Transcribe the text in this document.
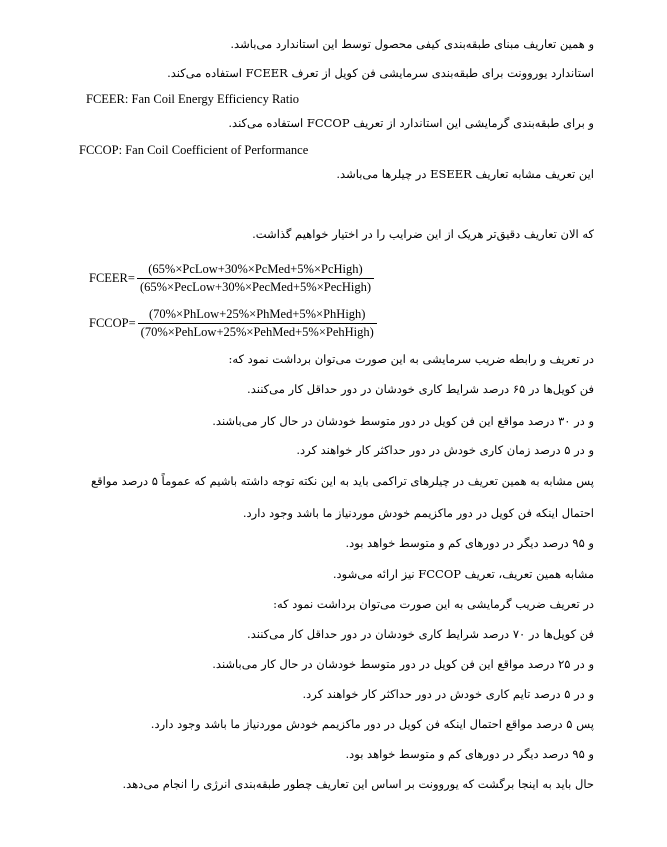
و همین تعاریف مبنای طبقه‌بندی کیفی محصول توسط این استاندارد می‌باشد.
استاندارد یوروونت برای طبقه‌بندی سرمایشی فن کویل از تعرف FCEER استفاده می‌کند.
FCEER: Fan Coil Energy Efficiency Ratio
و برای طبقه‌بندی گرمایشی این استاندارد از تعریف FCCOP استفاده می‌کند.
FCCOP: Fan Coil Coefficient of Performance
این تعریف مشابه تعاریف ESEER در چیلرها می‌باشد.
که الان تعاریف دقیق‌تر هریک از این ضرایب را در اختیار خواهیم گذاشت.
FCEER= $\frac{\text{(65\%×PcLow+30\%×PcMed+5\%×PcHigh)}}{\text{(65\%×PecLow+30\%×PecMed+5\%×PecHigh)}}$
FCCOP= $\frac{\text{(70\%×PhLow+25\%×PhMed+5\%×PhHigh)}}{\text{(70\%×PehLow+25\%×PehMed+5\%×PehHigh)}}$
در تعریف و رابطه ضریب سرمایشی به این صورت می‌توان برداشت نمود که:
فن کویل‌ها در ۶۵ درصد شرایط کاری خودشان در دور حداقل کار می‌کنند.
و در ۳۰ درصد مواقع این فن کویل در دور متوسط خودشان در حال کار می‌باشند.
و در ۵ درصد زمان کاری خودش در دور حداکثر کار خواهند کرد.
پس مشابه به همین تعریف در چیلرهای تراکمی باید به این نکته توجه داشته باشیم که عموماً ۵ درصد مواقع
احتمال اینکه فن کویل در دور ماکزیمم خودش موردنیاز ما باشد وجود دارد.
و ۹۵ درصد دیگر در دورهای کم و متوسط خواهد بود.
مشابه همین تعریف، تعریف FCCOP نیز ارائه می‌شود.
در تعریف ضریب گرمایشی به این صورت می‌توان برداشت نمود که:
فن کویل‌ها در ۷۰ درصد شرایط کاری خودشان در دور حداقل کار می‌کنند.
و در ۲۵ درصد مواقع این فن کویل در دور متوسط خودشان در حال کار می‌باشند.
و در ۵ درصد تایم کاری خودش در دور حداکثر کار خواهند کرد.
پس ۵ درصد مواقع احتمال اینکه فن کویل در دور ماکزیمم خودش موردنیاز ما باشد وجود دارد.
و ۹۵ درصد دیگر در دورهای کم و متوسط خواهد بود.
حال باید به اینجا برگشت که یوروونت بر اساس این تعاریف چطور طبقه‌بندی انرژی را انجام می‌دهد.
